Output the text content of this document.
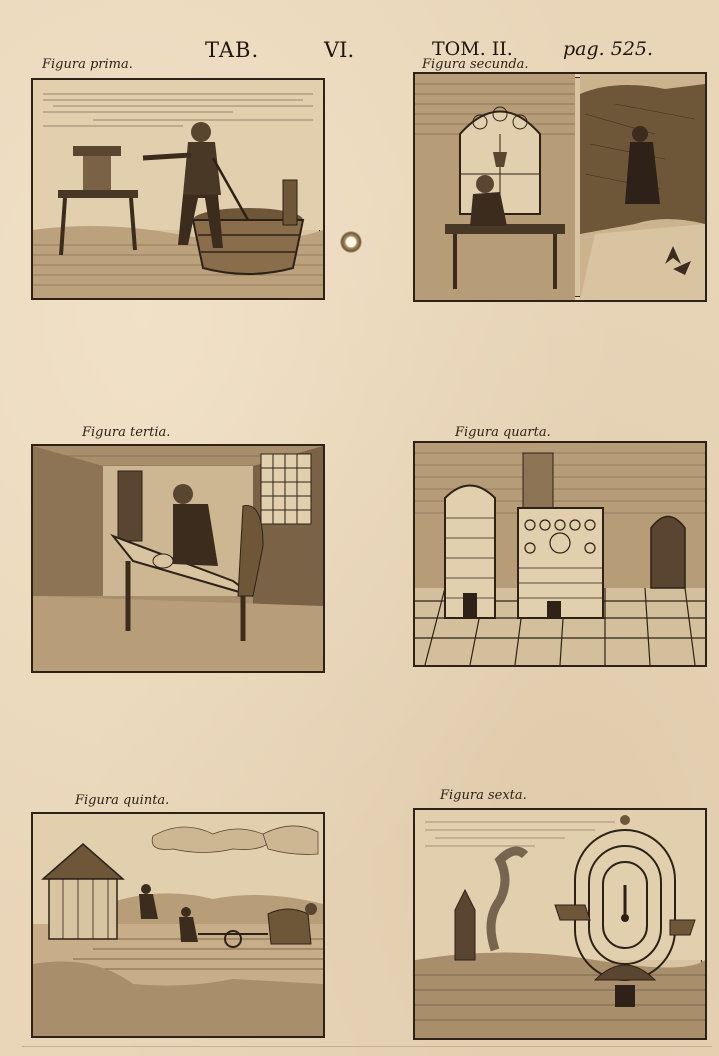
TAB.	VI.	TOM. II.	pag. 525.
Figura prima.	Figura secunda.
Figura tertia.	Figura quarta.
Figura quinta.	Figura sexta.
